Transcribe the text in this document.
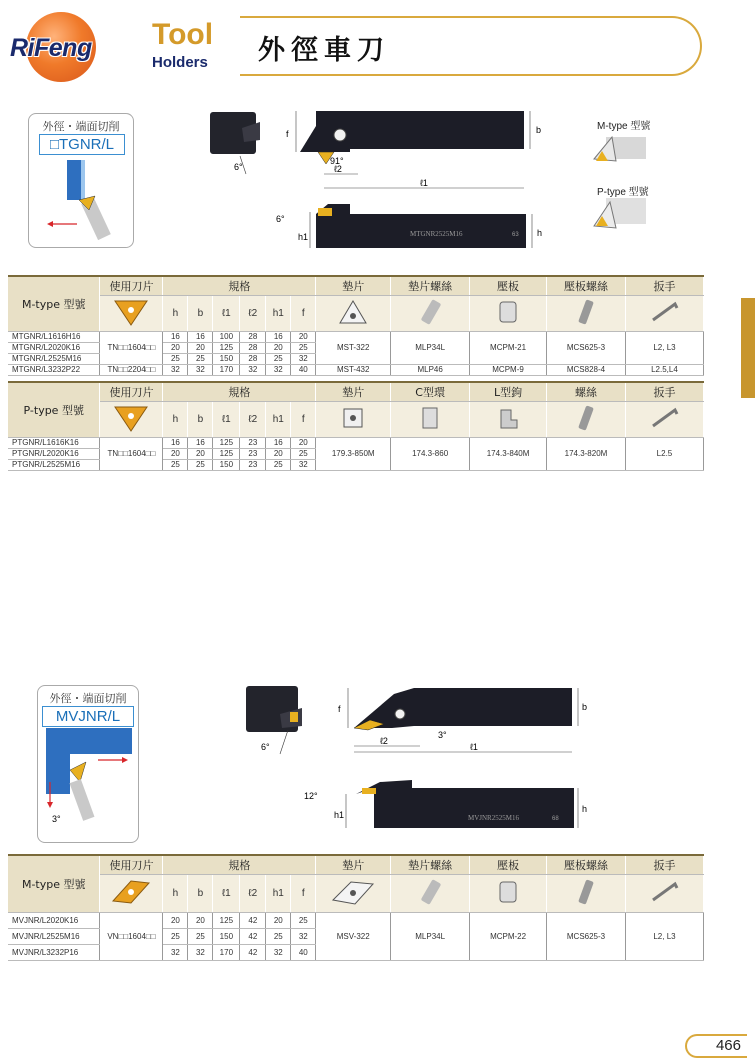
RiFeng Tool
Holders 外徑車刀
外徑・端面切削
□TGNR/L
6°
f	b
91°
ℓ2
ℓ1
MTGNR2525M16	63
6°
h1	h
M-type 型號
P-type 型號
M-type 型號	使用刀片	規格						墊片	墊片螺絲	壓板	壓板螺絲	扳手
	h	b	ℓ1	ℓ2	h1	f					
MTGNR/L1616H16	TN□□1604□□	16	16	100	28	16	20	MST-322	MLP34L	MCPM-21	MCS625-3	L2, L3
MTGNR/L2020K16		20	20	125	28	20	25					
MTGNR/L2525M16		25	25	150	28	25	32					
MTGNR/L3232P22	TN□□2204□□	32	32	170	32	32	40	MST-432	MLP46	MCPM-9	MCS828-4	L2.5,L4
P-type 型號	使用刀片	規格						墊片	C型環	L型鉤	螺絲	扳手
	h	b	ℓ1	ℓ2	h1	f					
PTGNR/L1616K16	TN□□1604□□	16	16	125	23	16	20	179.3-850M	174.3-860	174.3-840M	174.3-820M	L2.5
PTGNR/L2020K16		20	20	125	23	20	25					
PTGNR/L2525M16		25	25	150	23	25	32					
外徑・端面切削
MVJNR/L
3°
6°
f	b
3°
ℓ2
ℓ1
MVJNR2525M16	68
12°
h1
h
M-type 型號	使用刀片	規格						墊片	墊片螺絲	壓板	壓板螺絲	扳手
	h	b	ℓ1	ℓ2	h1	f					
MVJNR/L2020K16	VN□□1604□□	20	20	125	42	20	25	MSV-322	MLP34L	MCPM-22	MCS625-3	L2, L3
MVJNR/L2525M16		25	25	150	42	25	32					
MVJNR/L3232P16		32	32	170	42	32	40					
466
